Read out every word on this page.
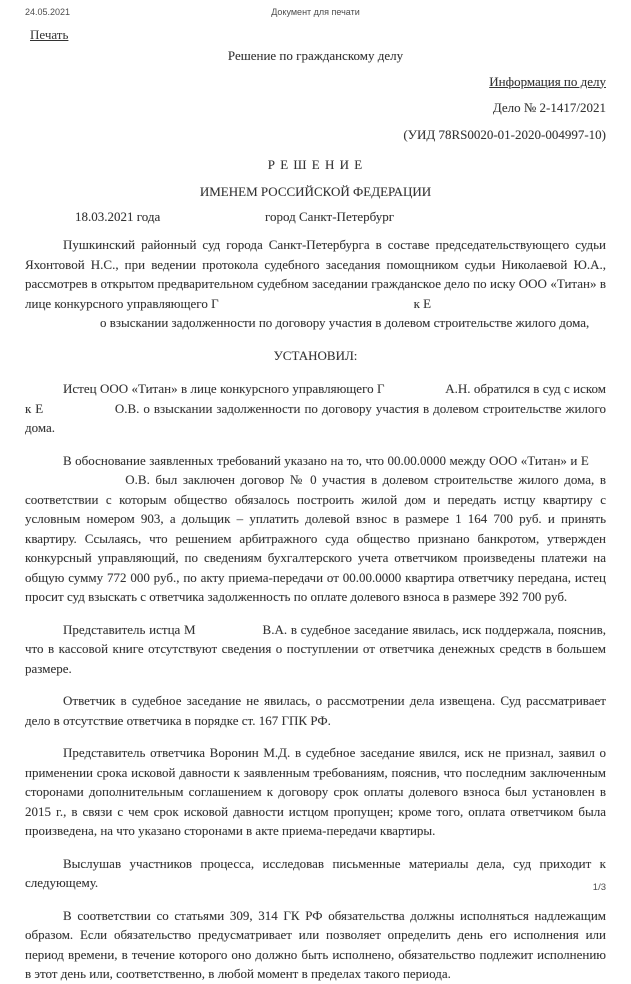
24.05.2021	Документ для печати
Печать
Решение по гражданскому делу
Информация по делу
Дело № 2-1417/2021
(УИД 78RS0020-01-2020-004997-10)
Р Е Ш Е Н И Е
ИМЕНЕМ РОССИЙСКОЙ ФЕДЕРАЦИИ
18.03.2021 года	город Санкт-Петербург

Пушкинский районный суд города Санкт-Петербурга в составе председательствующего судьи Яхонтовой Н.С., при ведении протокола судебного заседания помощником судьи Николаевой Ю.А., рассмотрев в открытом предварительном судебном заседании гражданское дело по иску ООО «Титан» в лице конкурсного управляющего Г                                                            к Е

о взыскании задолженности по договору участия в долевом строительстве жилого дома,

УСТАНОВИЛ:

Истец ООО «Титан» в лице конкурсного управляющего Г                  А.Н. обратился в суд с иском к Е                  О.В. о взыскании задолженности по договору участия в долевом строительстве жилого дома.

В обоснование заявленных требований указано на то, что 00.00.0000 между ООО «Титан» и Е                        О.В. был заключен договор № 0 участия в долевом строительстве жилого дома, в соответствии с которым общество обязалось построить жилой дом и передать истцу квартиру с условным номером 903, а дольщик – уплатить долевой взнос в размере 1 164 700 руб. и принять квартиру. Ссылаясь, что решением арбитражного суда общество признано банкротом, утвержден конкурсный управляющий, по сведениям бухгалтерского учета ответчиком произведены платежи на общую сумму 772 000 руб., по акту приема-передачи от 00.00.0000 квартира ответчику передана, истец просит суд взыскать с ответчика задолженность по оплате долевого взноса в размере 392 700 руб.

Представитель истца М                  В.А. в судебное заседание явилась, иск поддержала, пояснив, что в кассовой книге отсутствуют сведения о поступлении от ответчика денежных средств в большем размере.

Ответчик в судебное заседание не явилась, о рассмотрении дела извещена. Суд рассматривает дело в отсутствие ответчика в порядке ст. 167 ГПК РФ.

Представитель ответчика Воронин М.Д. в судебное заседание явился, иск не признал, заявил о применении срока исковой давности к заявленным требованиям, пояснив, что последним заключенным сторонами дополнительным соглашением к договору срок оплаты долевого взноса был установлен в 2015 г., в связи с чем срок исковой давности истцом пропущен; кроме того, оплата ответчиком была произведена, на что указано сторонами в акте приема-передачи квартиры.

Выслушав участников процесса, исследовав письменные материалы дела, суд приходит к следующему.

В соответствии со статьями 309, 314 ГК РФ обязательства должны исполняться надлежащим образом. Если обязательство предусматривает или позволяет определить день его исполнения или период времени, в течение которого оно должно быть исполнено, обязательство подлежит исполнению в этот день или, соответственно, в любой момент в пределах такого периода.

1/3
